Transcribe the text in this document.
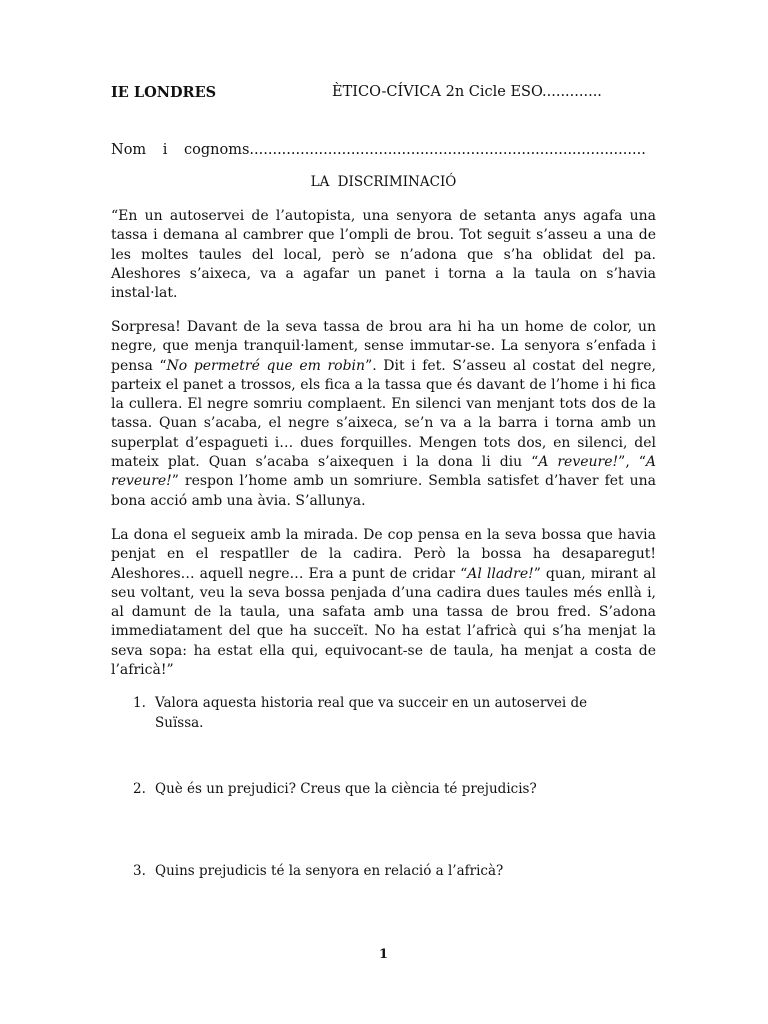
IE LONDRES	ÈTICO-CÍVICA 2n Cicle ESO.............
Nom i cognoms......................................................................................
LA DISCRIMINACIÓ

“En un autoservei de l’autopista, una senyora de setanta anys agafa una tassa i demana al cambrer que l’ompli de brou. Tot seguit s’asseu a una de les moltes taules del local, però se n’adona que s’ha oblidat del pa. Aleshores s’aixeca, va a agafar un panet i torna a la taula on s’havia instal·lat.

Sorpresa! Davant de la seva tassa de brou ara hi ha un home de color, un negre, que menja tranquil·lament, sense immutar-se. La senyora s’enfada i pensa “No permetré que em robin”. Dit i fet. S’asseu al costat del negre, parteix el panet a trossos, els fica a la tassa que és davant de l’home i hi fica la cullera. El negre somriu complaent. En silenci van menjant tots dos de la tassa. Quan s’acaba, el negre s’aixeca, se’n va a la barra i torna amb un superplat d’espagueti i… dues forquilles. Mengen tots dos, en silenci, del mateix plat. Quan s’acaba s’aixequen i la dona li diu “A reveure!”, “A reveure!” respon l’home amb un somriure. Sembla satisfet d’haver fet una bona acció amb una àvia. S’allunya.

La dona el segueix amb la mirada. De cop pensa en la seva bossa que havia penjat en el respatller de la cadira. Però la bossa ha desaparegut! Aleshores… aquell negre… Era a punt de cridar “Al lladre!” quan, mirant al seu voltant, veu la seva bossa penjada d’una cadira dues taules més enllà i, al damunt de la taula, una safata amb una tassa de brou fred. S’adona immediatament del que ha succeït. No ha estat l’africà qui s’ha menjat la seva sopa: ha estat ella qui, equivocant-se de taula, ha menjat a costa de l’africà!”

1. Valora aquesta historia real que va succeir en un autoservei de Suïssa.
2. Què és un prejudici? Creus que la ciència té prejudicis?
3. Quins prejudicis té la senyora en relació a l’africà?
1
